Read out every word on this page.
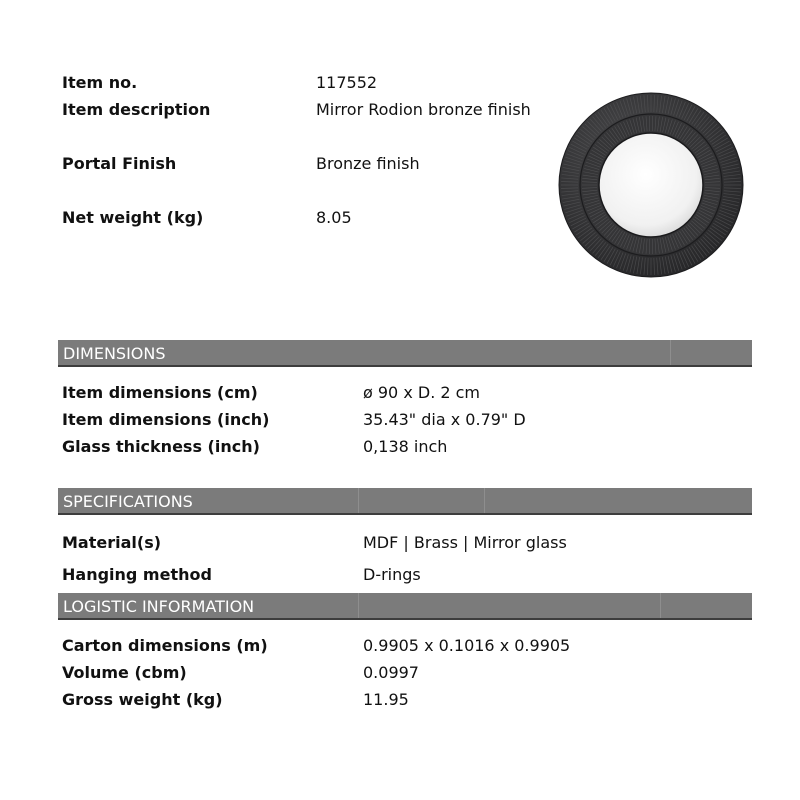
Item no.	117552
Item description	Mirror Rodion bronze finish
Portal Finish	Bronze finish
Net weight (kg)	8.05
DIMENSIONS
Item dimensions (cm)	ø 90 x D. 2 cm
Item dimensions (inch)	35.43" dia x 0.79" D
Glass thickness (inch)	0,138 inch
SPECIFICATIONS
Material(s)	MDF | Brass | Mirror glass
Hanging method	D-rings
LOGISTIC INFORMATION
Carton dimensions (m)	0.9905 x 0.1016 x 0.9905
Volume (cbm)	0.0997
Gross weight (kg)	11.95
